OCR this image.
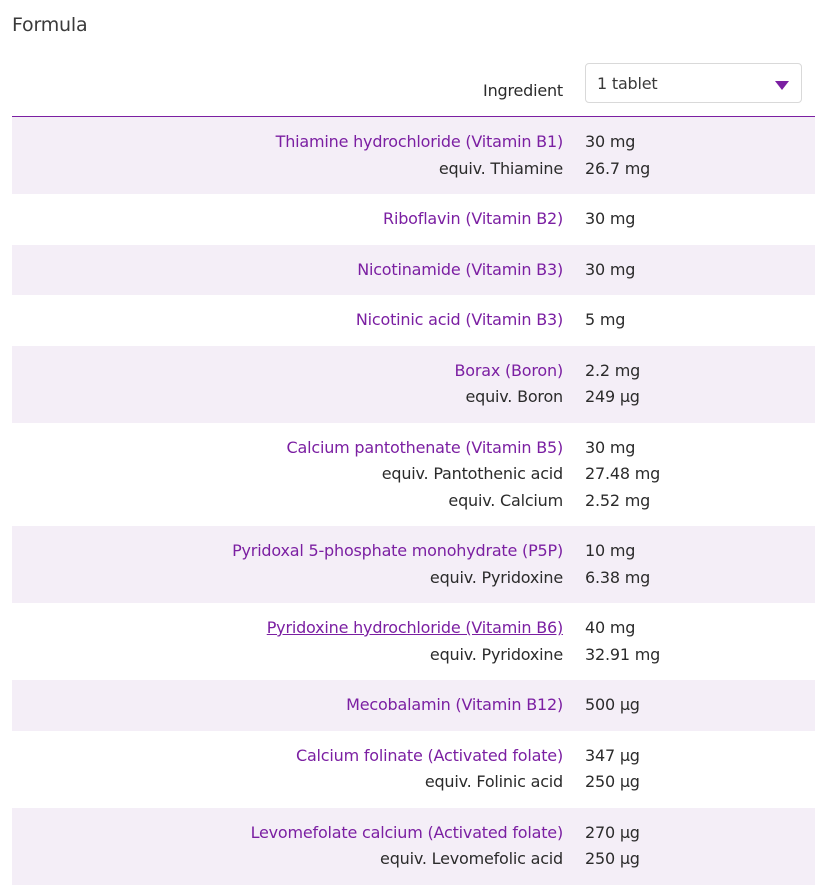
Formula
Ingredient 1 tablet
Thiamine hydrochloride (Vitamin B1) 30 mg
equiv. Thiamine 26.7 mg
Riboflavin (Vitamin B2) 30 mg
Nicotinamide (Vitamin B3) 30 mg
Nicotinic acid (Vitamin B3) 5 mg
Borax (Boron) 2.2 mg
equiv. Boron 249 µg
Calcium pantothenate (Vitamin B5) 30 mg
equiv. Pantothenic acid 27.48 mg
equiv. Calcium 2.52 mg
Pyridoxal 5-phosphate monohydrate (P5P) 10 mg
equiv. Pyridoxine 6.38 mg
Pyridoxine hydrochloride (Vitamin B6) 40 mg
equiv. Pyridoxine 32.91 mg
Mecobalamin (Vitamin B12) 500 µg
Calcium folinate (Activated folate) 347 µg
equiv. Folinic acid 250 µg
Levomefolate calcium (Activated folate) 270 µg
equiv. Levomefolic acid 250 µg
